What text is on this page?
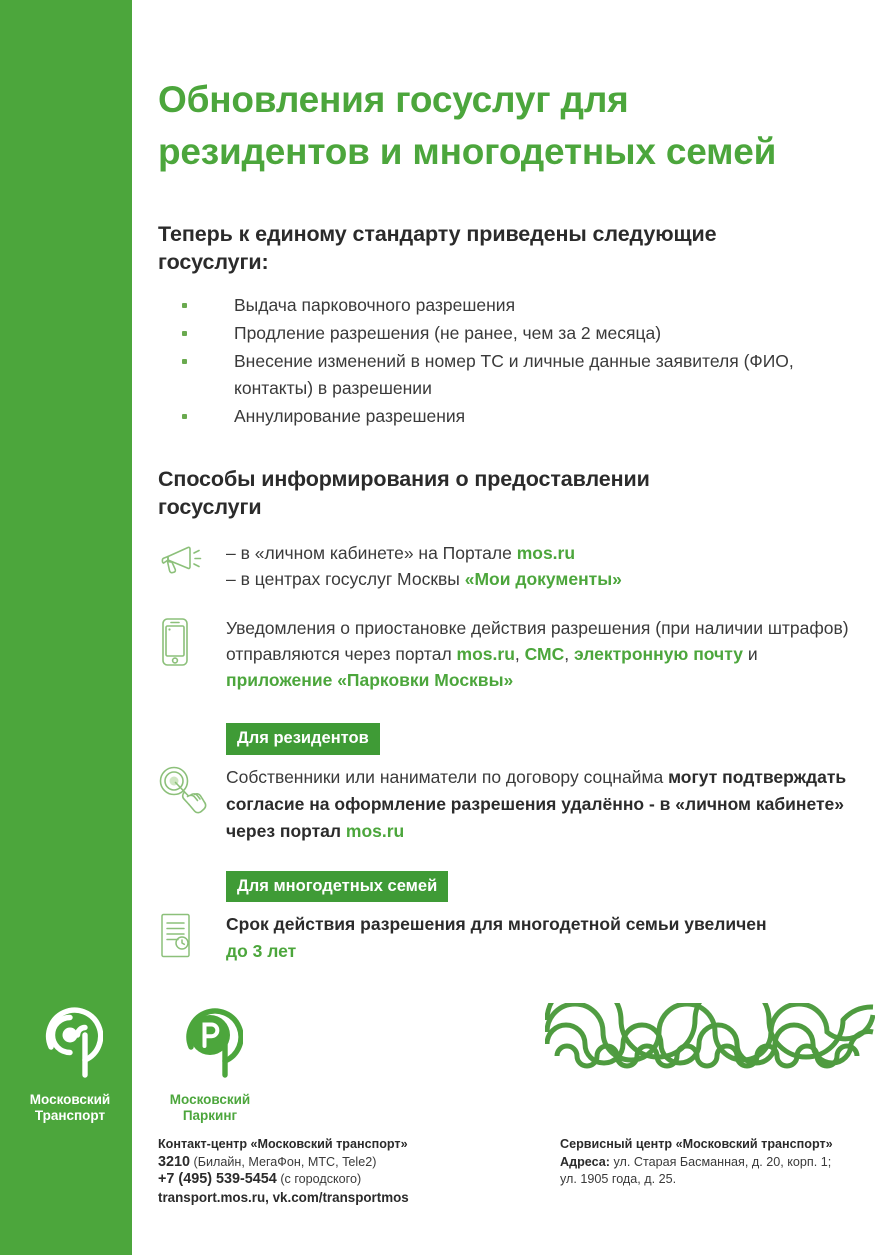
Обновления госуслуг для резидентов и многодетных семей
Теперь к единому стандарту приведены следующие госуслуги:
Выдача парковочного разрешения
Продление разрешения (не ранее, чем за 2 месяца)
Внесение изменений в номер ТС и личные данные заявителя (ФИО, контакты) в разрешении
Аннулирование разрешения
Способы информирования о предоставлении госуслуги
– в «личном кабинете» на Портале mos.ru
– в центрах госуслуг Москвы «Мои документы»
Уведомления о приостановке действия разрешения (при наличии штрафов) отправляются через портал mos.ru, СМС, электронную почту и приложение «Парковки Москвы»
Для резидентов
Собственники или наниматели по договору соцнайма могут подтверждать согласие на оформление разрешения удалённо - в «личном кабинете» через портал mos.ru
Для многодетных семей
Срок действия разрешения для многодетной семьи увеличен
до 3 лет
Московский
Транспорт
Московский
Паркинг
Контакт-центр «Московский транспорт»
3210 (Билайн, МегаФон, МТС, Tele2)
+7 (495) 539-5454 (с городского)
transport.mos.ru, vk.com/transportmos
Сервисный центр «Московский транспорт»
Адреса: ул. Старая Басманная, д. 20, корп. 1;
ул. 1905 года, д. 25.
